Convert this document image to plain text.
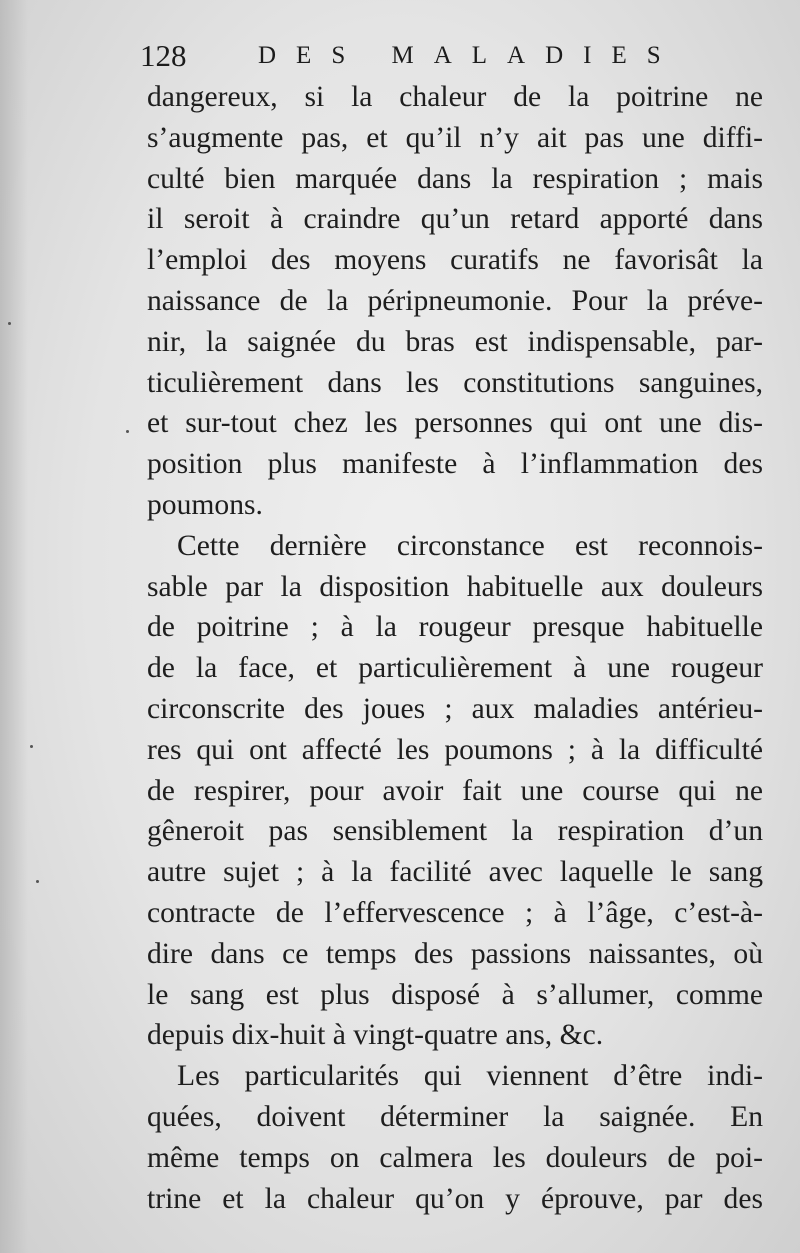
128	DES MALADIES
dangereux, si la chaleur de la poitrine ne
s’augmente pas, et qu’il n’y ait pas une diffi-
culté bien marquée dans la respiration ; mais
il seroit à craindre qu’un retard apporté dans
l’emploi des moyens curatifs ne favorisât la
naissance de la péripneumonie. Pour la préve-
nir, la saignée du bras est indispensable, par-
ticulièrement dans les constitutions sanguines,
et sur-tout chez les personnes qui ont une dis-
position plus manifeste à l’inflammation des
poumons.
Cette dernière circonstance est reconnois-
sable par la disposition habituelle aux douleurs
de poitrine ; à la rougeur presque habituelle
de la face, et particulièrement à une rougeur
circonscrite des joues ; aux maladies antérieu-
res qui ont affecté les poumons ; à la difficulté
de respirer, pour avoir fait une course qui ne
gêneroit pas sensiblement la respiration d’un
autre sujet ; à la facilité avec laquelle le sang
contracte de l’effervescence ; à l’âge, c’est-à-
dire dans ce temps des passions naissantes, où
le sang est plus disposé à s’allumer, comme
depuis dix-huit à vingt-quatre ans, &c.
Les particularités qui viennent d’être indi-
quées, doivent déterminer la saignée. En
même temps on calmera les douleurs de poi-
trine et la chaleur qu’on y éprouve, par des
